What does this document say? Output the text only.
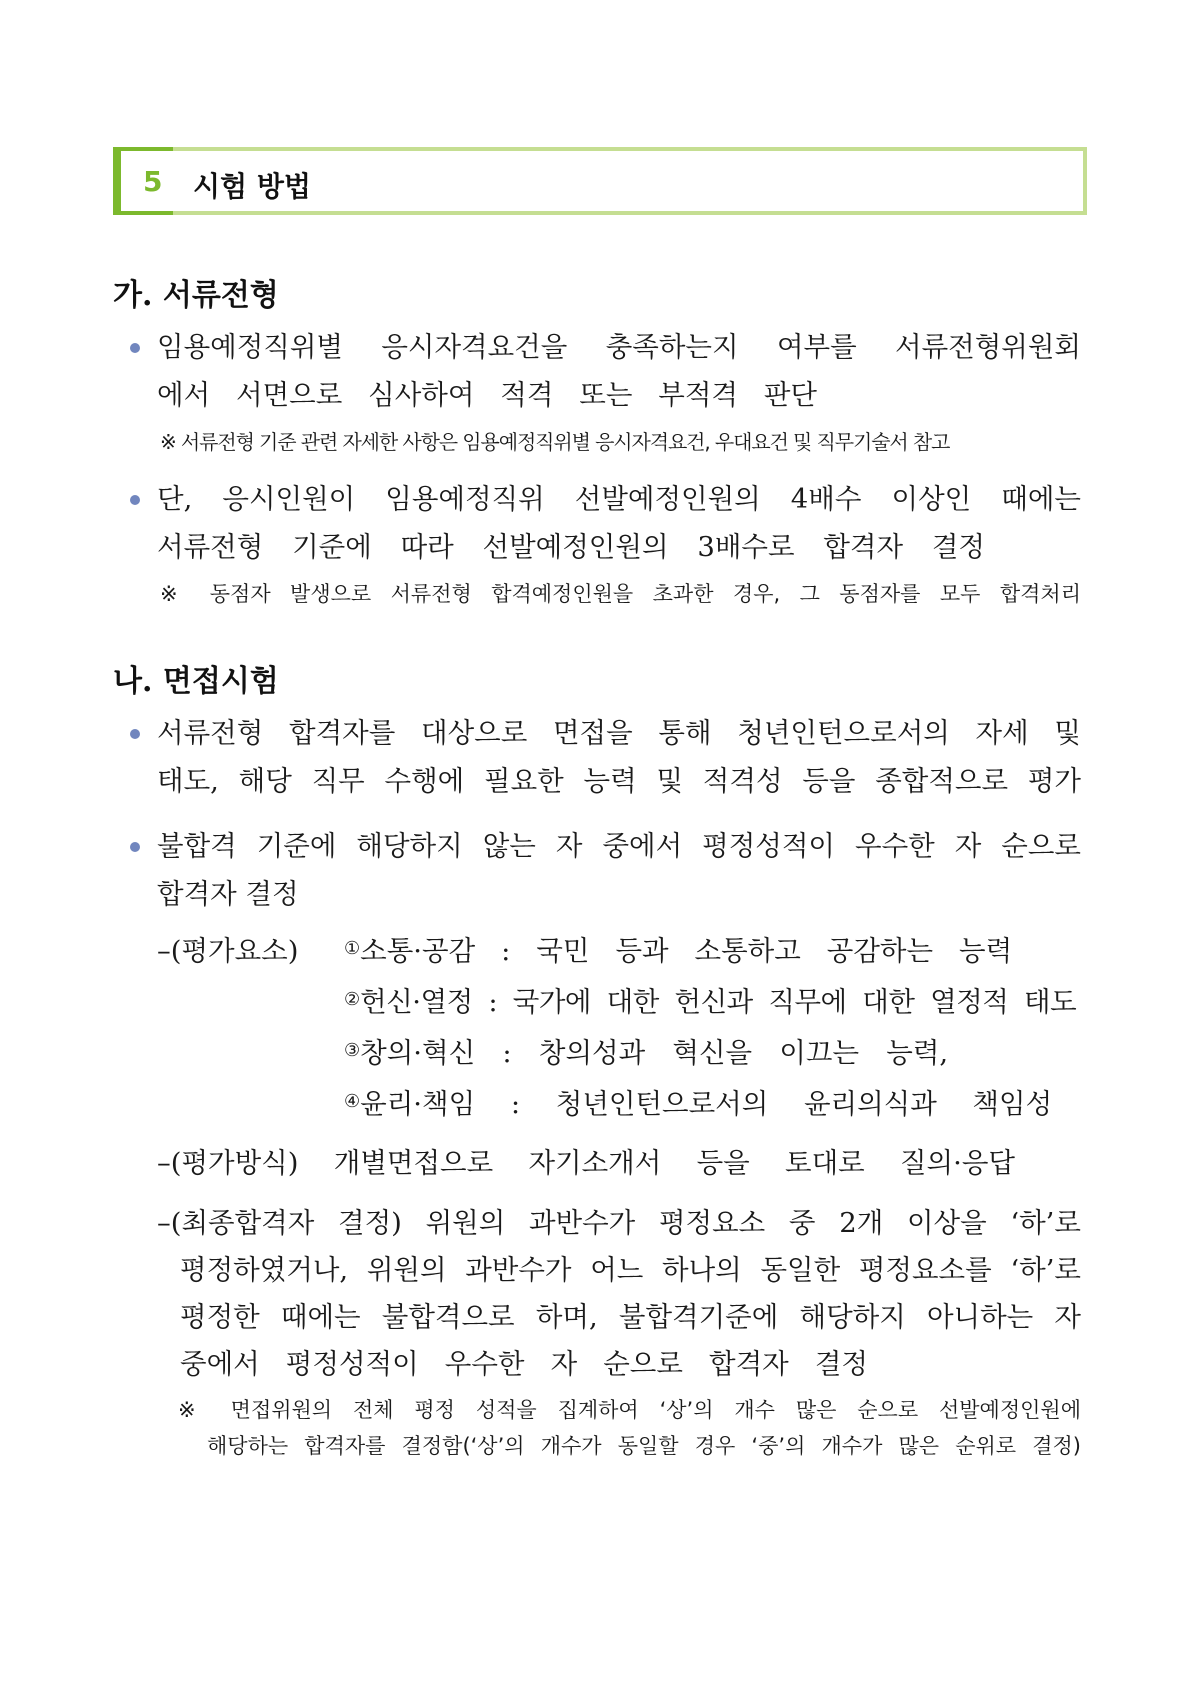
5 시험 방법
가. 서류전형
임용예정직위별 응시자격요건을 충족하는지 여부를 서류전형위원회
에서 서면으로 심사하여 적격 또는 부적격 판단
※ 서류전형 기준 관련 자세한 사항은 임용예정직위별 응시자격요건, 우대요건 및 직무기술서 참고
단, 응시인원이 임용예정직위 선발예정인원의 4배수 이상인 때에는
서류전형 기준에 따라 선발예정인원의 3배수로 합격자 결정
※ 동점자 발생으로 서류전형 합격예정인원을 초과한 경우, 그 동점자를 모두 합격처리
나. 면접시험
서류전형 합격자를 대상으로 면접을 통해 청년인턴으로서의 자세 및
태도, 해당 직무 수행에 필요한 능력 및 적격성 등을 종합적으로 평가
불합격 기준에 해당하지 않는 자 중에서 평정성적이 우수한 자 순으로
합격자 결정
–(평가요소)	①소통·공감 : 국민 등과 소통하고 공감하는 능력
②헌신·열정 : 국가에 대한 헌신과 직무에 대한 열정적 태도
③창의·혁신 : 창의성과 혁신을 이끄는 능력,
④윤리·책임 : 청년인턴으로서의 윤리의식과 책임성
–(평가방식) 개별면접으로 자기소개서 등을 토대로 질의·응답
–(최종합격자 결정) 위원의 과반수가 평정요소 중 2개 이상을 ‘하’로
평정하였거나, 위원의 과반수가 어느 하나의 동일한 평정요소를 ‘하’로
평정한 때에는 불합격으로 하며, 불합격기준에 해당하지 아니하는 자
중에서 평정성적이 우수한 자 순으로 합격자 결정
※ 면접위원의 전체 평정 성적을 집계하여 ‘상’의 개수 많은 순으로 선발예정인원에
해당하는 합격자를 결정함(‘상’의 개수가 동일할 경우 ‘중’의 개수가 많은 순위로 결정)
